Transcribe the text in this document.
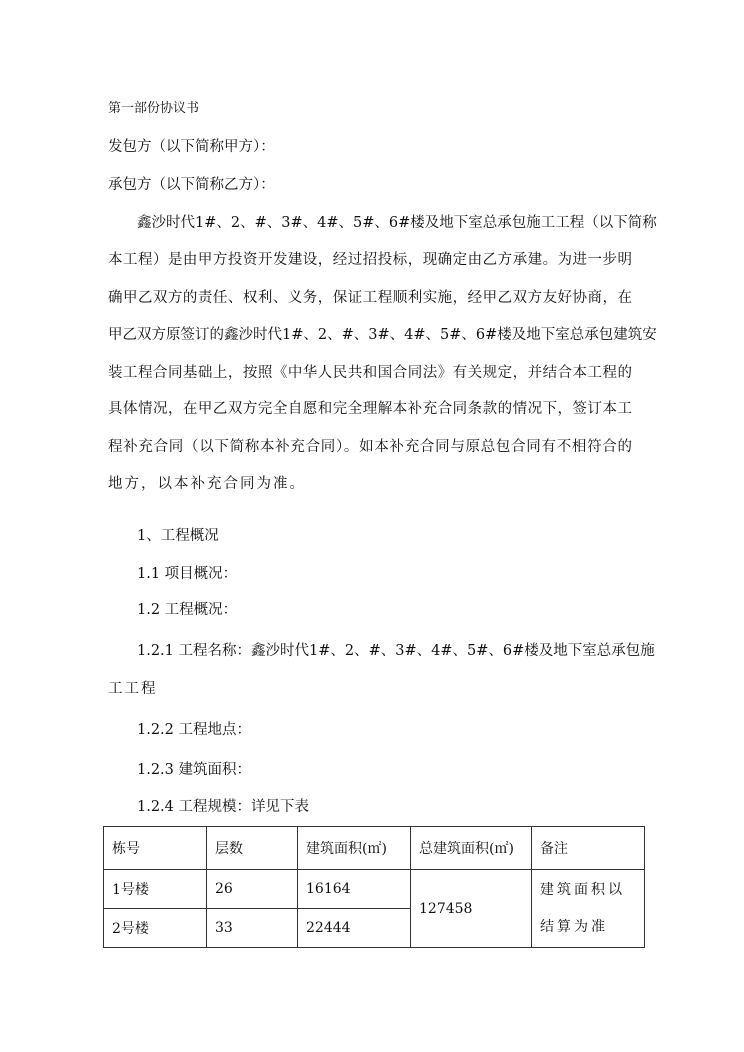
第一部份协议书
发包方（以下简称甲方）：
承包方（以下简称乙方）：
　　鑫沙时代1#、2、#、3#、4#、5#、6#楼及地下室总承包施工工程（以下简称
本工程）是由甲方投资开发建设，经过招投标，现确定由乙方承建。为进一步明
确甲乙双方的责任、权利、义务，保证工程顺利实施，经甲乙双方友好协商，在
甲乙双方原签订的鑫沙时代1#、2、#、3#、4#、5#、6#楼及地下室总承包建筑安
装工程合同基础上，按照《中华人民共和国合同法》有关规定，并结合本工程的
具体情况，在甲乙双方完全自愿和完全理解本补充合同条款的情况下，签订本工
程补充合同（以下简称本补充合同）。如本补充合同与原总包合同有不相符合的
地方，以本补充合同为准。
　　1、工程概况
　　1.1 项目概况：
　　1.2 工程概况：
　　1.2.1 工程名称：鑫沙时代1#、2、#、3#、4#、5#、6#楼及地下室总承包施
工工程
　　1.2.2 工程地点：
　　1.2.3 建筑面积：
　　1.2.4 工程规模：详见下表
栋号	层数	建筑面积(㎡)	总建筑面积(㎡)	备注
1号楼	26	16164	127458	建筑面积以结算为准
2号楼	33	22444		
